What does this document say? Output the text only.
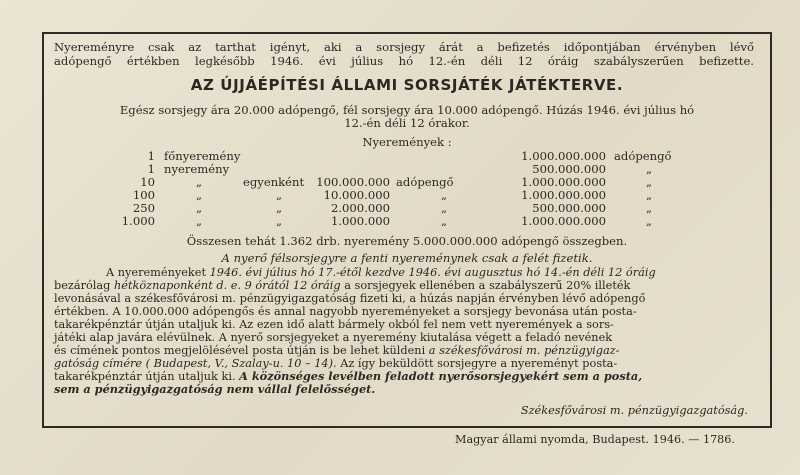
Nyereményre csak az tarthat igényt, aki a sorsjegy árát a befizetés időpontjában érvényben lévő
adópengő értékben legkésőbb 1946. évi július hó 12.-én déli 12 óráig szabályszerűen befizette.
AZ ÚJJÁÉPÍTÉSI ÁLLAMI SORSJÁTÉK JÁTÉKTERVE.
Egész sorsjegy ára 20.000 adópengő, fél sorsjegy ára 10.000 adópengő. Húzás 1946. évi július hó
12.-én déli 12 órakor.
Nyeremények :
1 főnyeremény	1.000.000.000 adópengő
1 nyeremény	500.000.000	„
10	„	egyenként 100.000.000 adópengő	1.000.000.000	„
100	„	„	10.000.000	„	1.000.000.000	„
250	„	„	2.000.000	„	500.000.000	„
1.000	„	„	1.000.000	„	1.000.000.000	„
Összesen tehát 1.362 drb. nyeremény 5.000.000.000 adópengő összegben.
A nyerő félsorsjegyre a fenti nyereménynek csak a felét fizetik.
A nyereményeket 1946. évi július hó 17.-étől kezdve 1946. évi augusztus hó 14.-én déli 12 óráig
bezárólag hétköznaponként d. e. 9 órától 12 óráig a sorsjegyek ellenében a szabályszerű 20% illeték
levonásával a székesfővárosi m. pénzügyigazgatóság fizeti ki, a húzás napján érvényben lévő adópengő
értékben. A 10.000.000 adópengős és annal nagyobb nyereményeket a sorsjegy bevonása után posta-
takarékpénztár útján utaljuk ki. Az ezen idő alatt bármely okból fel nem vett nyeremények a sors-
játéki alap javára elévülnek. A nyerő sorsjegyeket a nyeremény kiutalása végett a feladó nevének
és címének pontos megjelölésével posta útján is be lehet küldeni a székesfővárosi m. pénzügyigaz-
gatóság címére ( Budapest, V., Szalay-u. 10 – 14). Az így beküldött sorsjegyre a nyereményt posta-
takarékpénztár útján utaljuk ki. A közönséges levélben feladott nyerősorsjegyekért sem a posta,
sem a pénzügyigazgatóság nem vállal felelősséget.
Székesfővárosi m. pénzügyigazgatóság.
Magyar állami nyomda, Budapest. 1946. — 1786.
